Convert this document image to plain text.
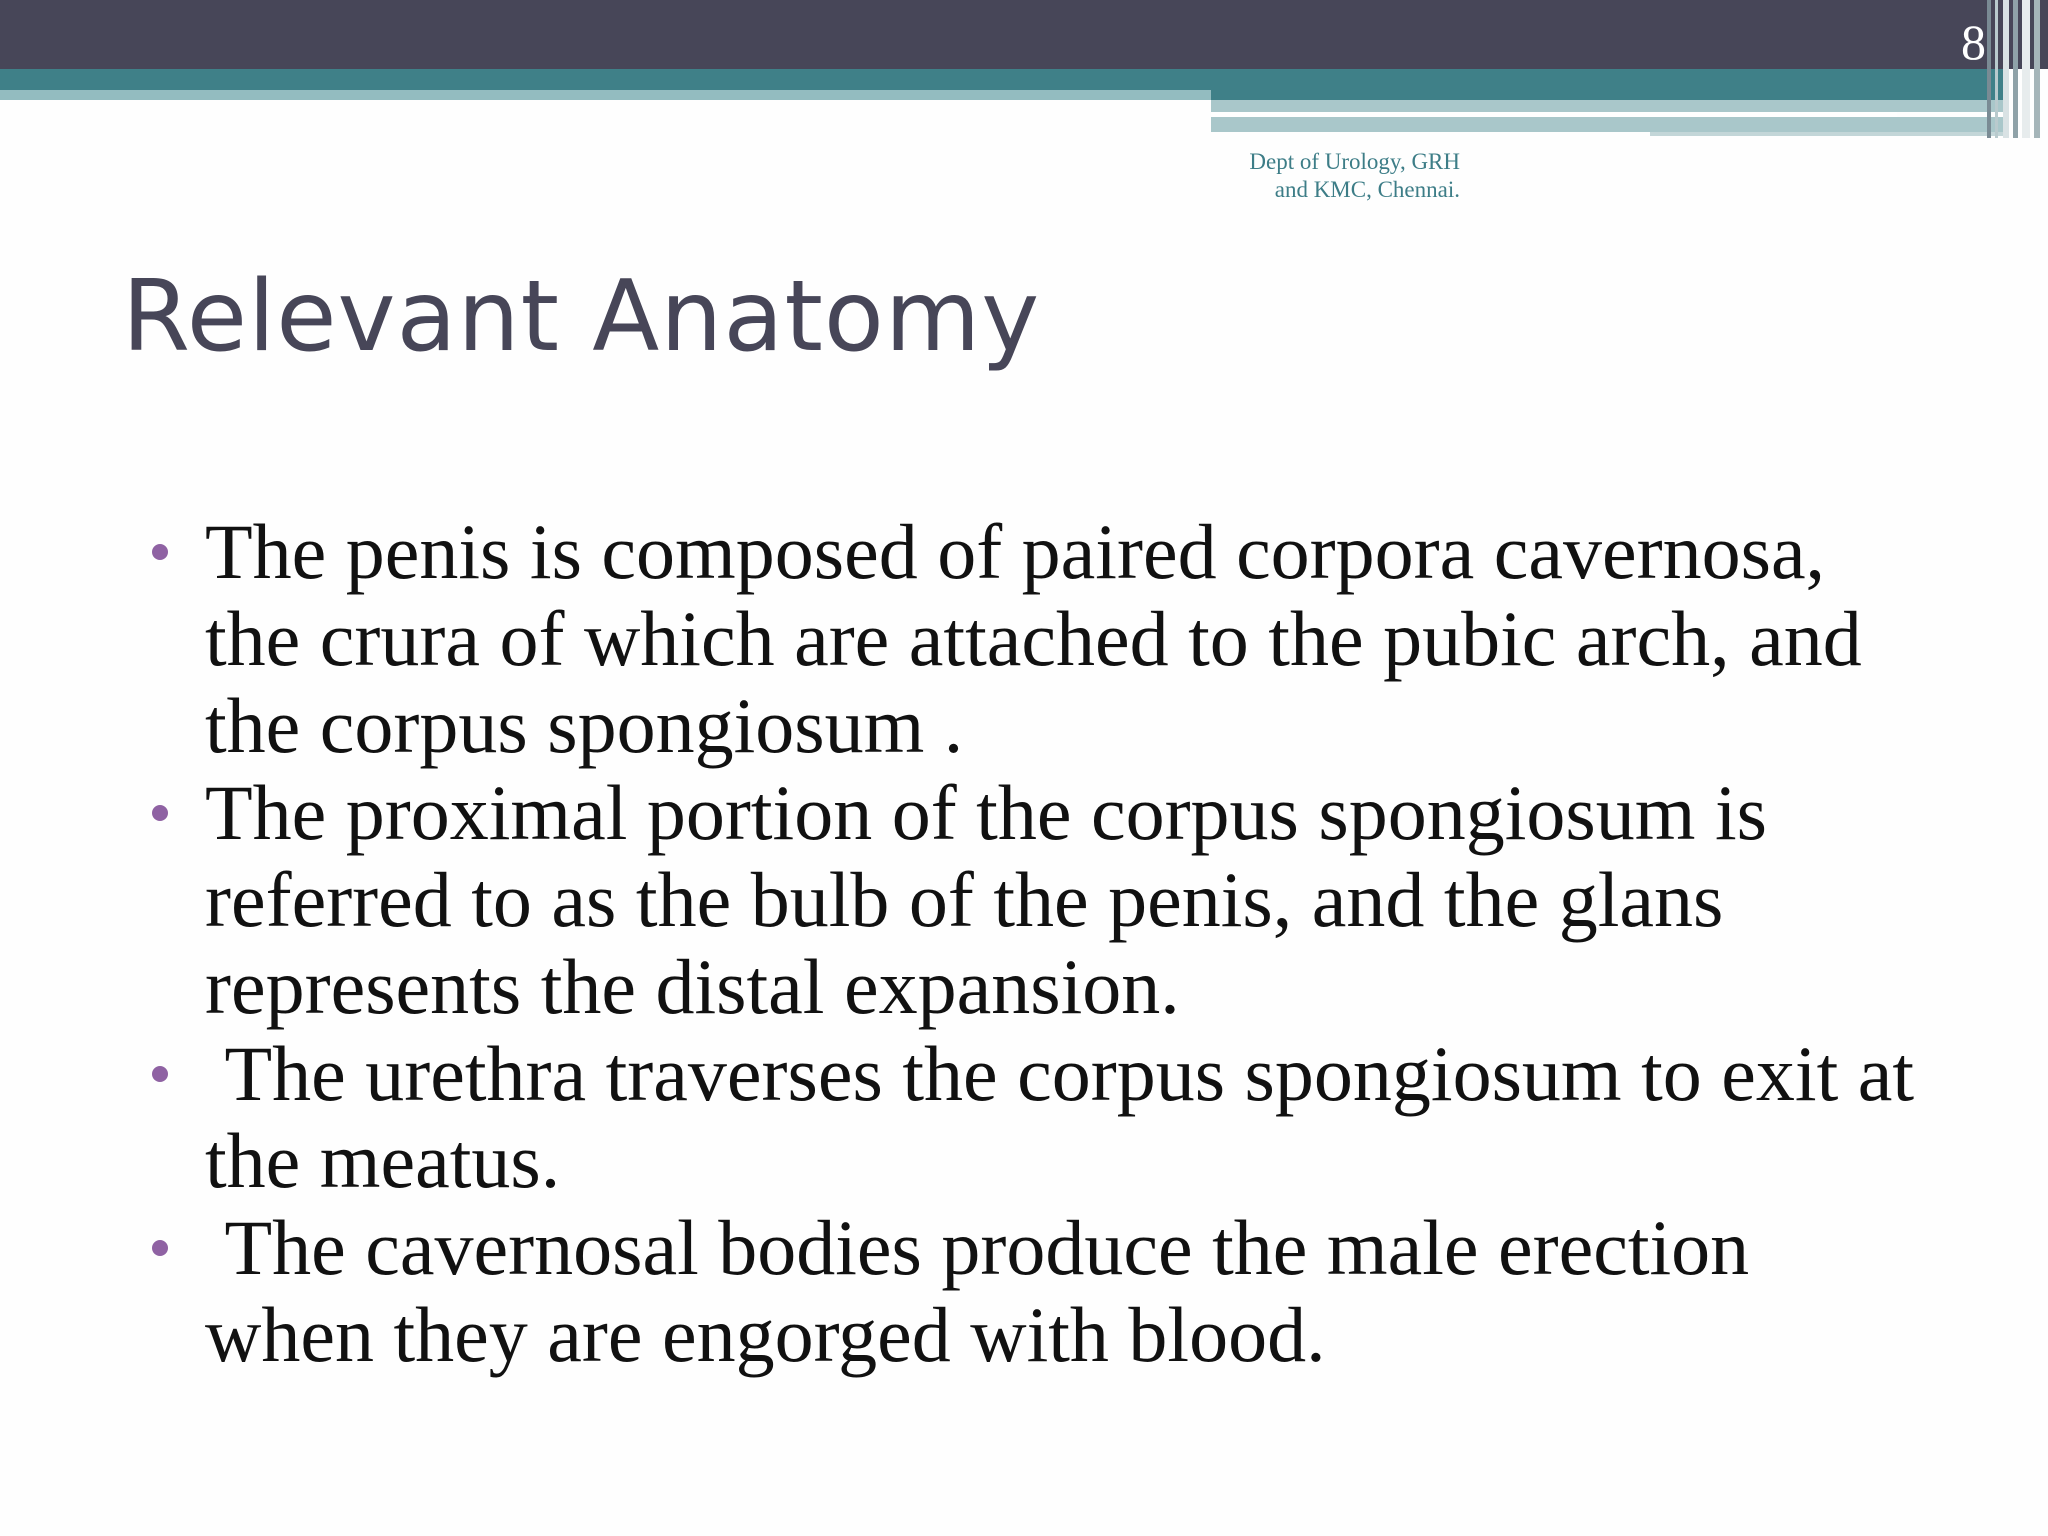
8
Dept of Urology, GRH
and KMC, Chennai.
Relevant Anatomy
The penis is composed of paired corpora cavernosa, the crura of which are attached to the pubic arch, and the corpus spongiosum .
The proximal portion of the corpus spongiosum is referred to as the bulb of the penis, and the glans represents the distal expansion.
The urethra traverses the corpus spongiosum to exit at the meatus.
The cavernosal bodies produce the male erection when they are engorged with blood.
